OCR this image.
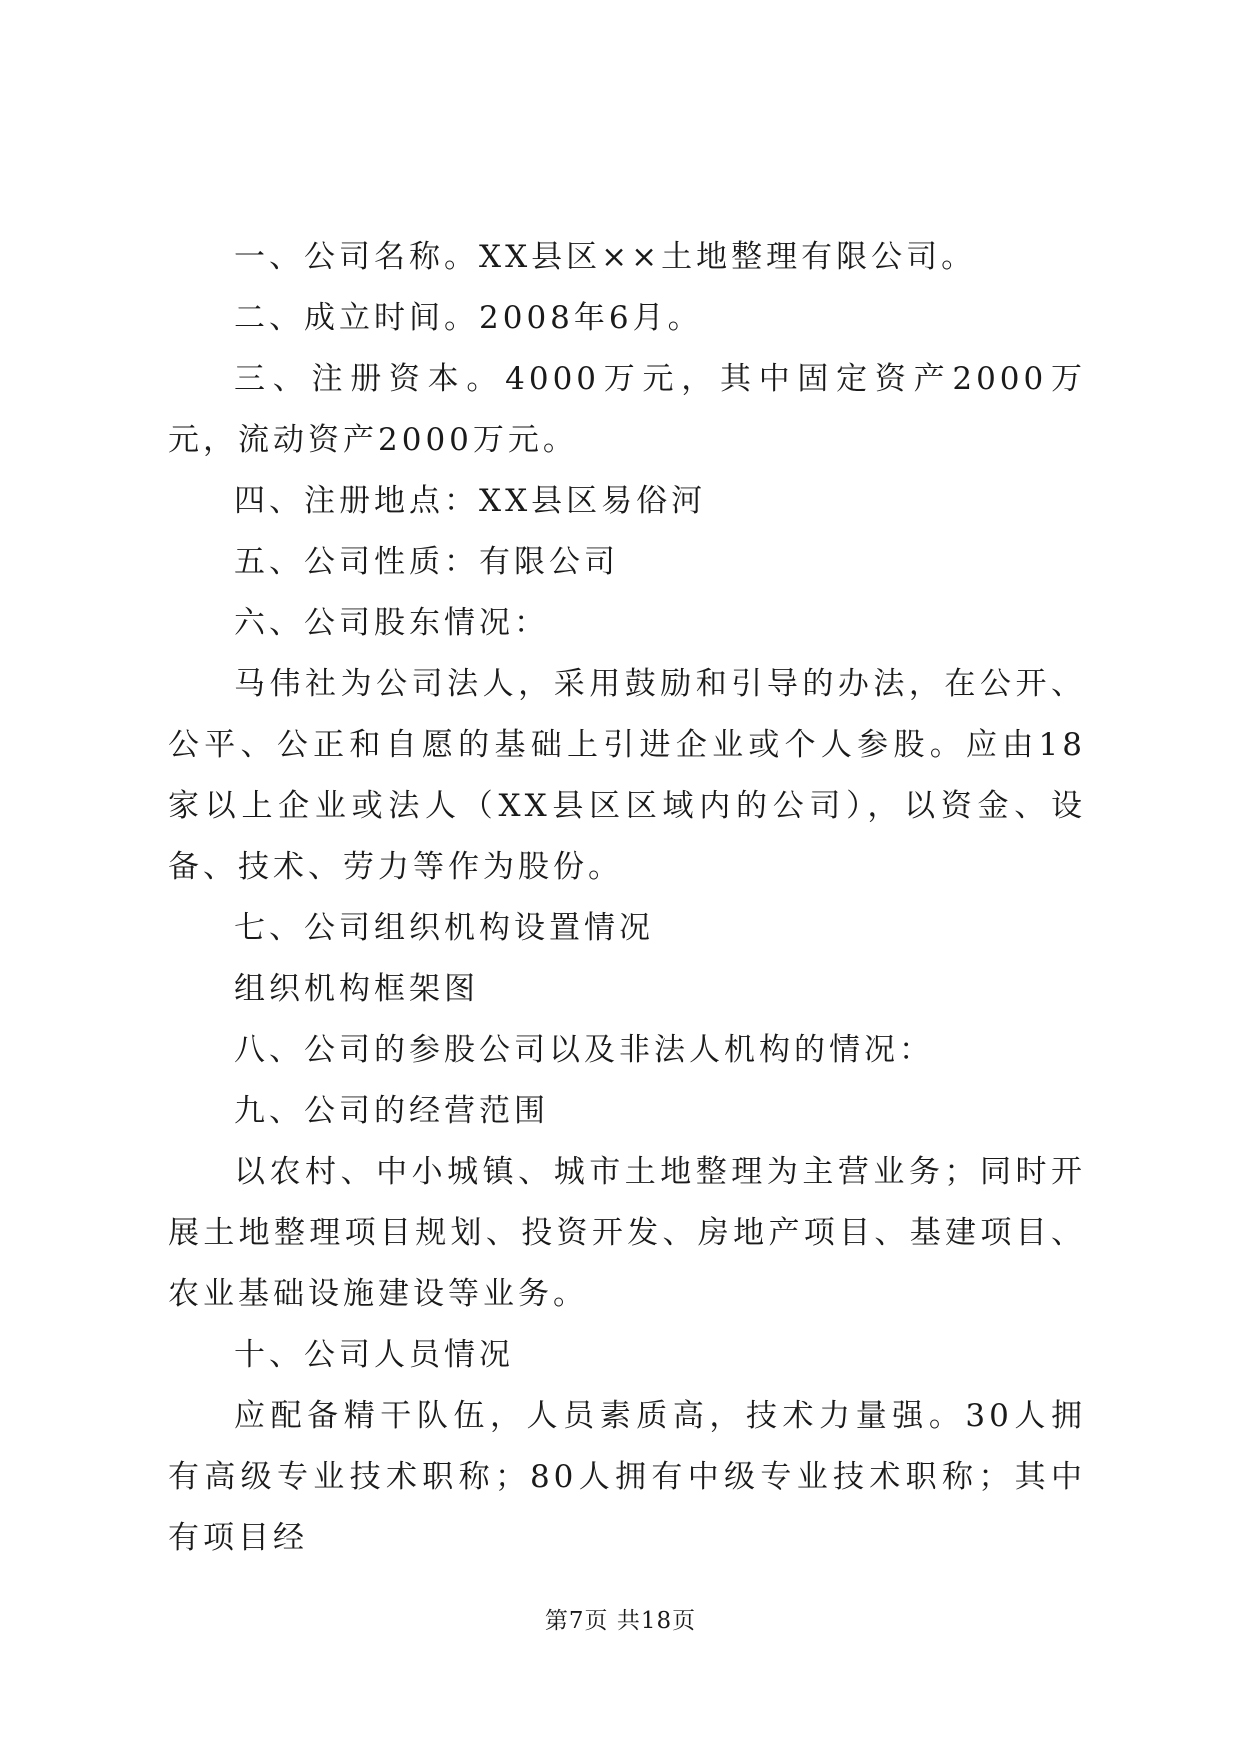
一、公司名称。XX县区××土地整理有限公司。

二、成立时间。2008年6月。

三、注册资本。4000万元，其中固定资产2000万元，流动资产2000万元。

四、注册地点：XX县区易俗河

五、公司性质：有限公司

六、公司股东情况：

马伟社为公司法人，采用鼓励和引导的办法，在公开、公平、公正和自愿的基础上引进企业或个人参股。应由18家以上企业或法人（XX县区区域内的公司），以资金、设备、技术、劳力等作为股份。

七、公司组织机构设置情况

组织机构框架图

八、公司的参股公司以及非法人机构的情况：

九、公司的经营范围

以农村、中小城镇、城市土地整理为主营业务；同时开展土地整理项目规划、投资开发、房地产项目、基建项目、农业基础设施建设等业务。

十、公司人员情况

应配备精干队伍，人员素质高，技术力量强。30人拥有高级专业技术职称；80人拥有中级专业技术职称；其中有项目经

第7页 共18页
